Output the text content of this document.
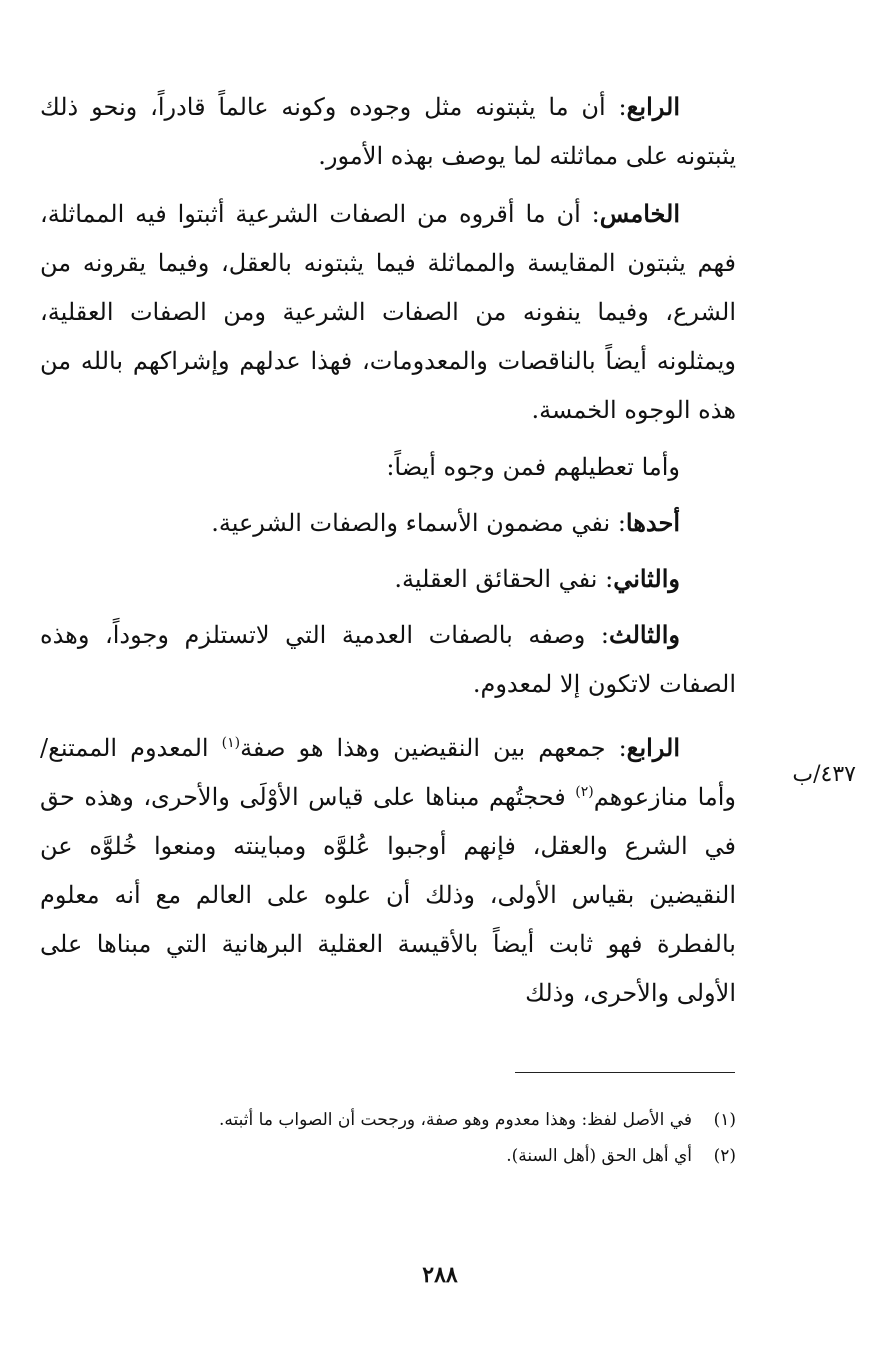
الرابع: أن ما يثبتونه مثل وجوده وكونه عالماً قادراً، ونحو ذلك يثبتونه على مماثلته لما يوصف بهذه الأمور.

الخامس: أن ما أقروه من الصفات الشرعية أثبتوا فيه المماثلة، فهم يثبتون المقايسة والمماثلة فيما يثبتونه بالعقل، وفيما يقرونه من الشرع، وفيما ينفونه من الصفات الشرعية ومن الصفات العقلية، ويمثلونه أيضاً بالناقصات والمعدومات، فهذا عدلهم وإشراكهم بالله من هذه الوجوه الخمسة.

وأما تعطيلهم فمن وجوه أيضاً:

أحدها: نفي مضمون الأسماء والصفات الشرعية.

والثاني: نفي الحقائق العقلية.

والثالث: وصفه بالصفات العدمية التي لاتستلزم وجوداً، وهذه الصفات لاتكون إلا لمعدوم.

الرابع: جمعهم بين النقيضين وهذا هو صفة$^{(١)}$ المعدوم الممتنع/ وأما منازعوهم$^{(٢)}$ فحجتُهم مبناها على قياس الأوْلَى والأحرى، وهذه حق في الشرع والعقل، فإنهم أوجبوا عُلوَّه ومباينته ومنعوا خُلوَّه عن النقيضين بقياس الأولى، وذلك أن علوه على العالم مع أنه معلوم بالفطرة فهو ثابت أيضاً بالأقيسة العقلية البرهانية التي مبناها على الأولى والأحرى، وذلك

٤٣٧/ب
(١)
في الأصل لفظ: وهذا معدوم وهو صفة، ورجحت أن الصواب ما أثبته.
(٢)
أي أهل الحق (أهل السنة).
٢٨٨
